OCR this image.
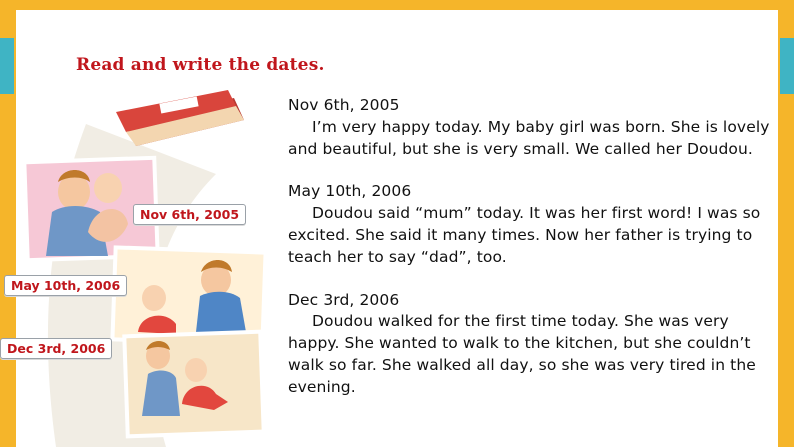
Read and write the dates.
Nov 6th, 2005
I’m very happy today. My baby girl was born. She is lovely and beautiful, but she is very small. We called her Doudou.
May 10th, 2006
Doudou said “mum” today. It was her first word! I was so excited. She said it many times. Now her father is trying to teach her to say “dad”, too.
Dec 3rd, 2006
Doudou walked for the first time today. She was very happy. She wanted to walk to the kitchen, but she couldn’t walk so far. She walked all day, so she was very tired in the evening.
Nov 6th, 2005
May 10th, 2006
Dec 3rd, 2006
